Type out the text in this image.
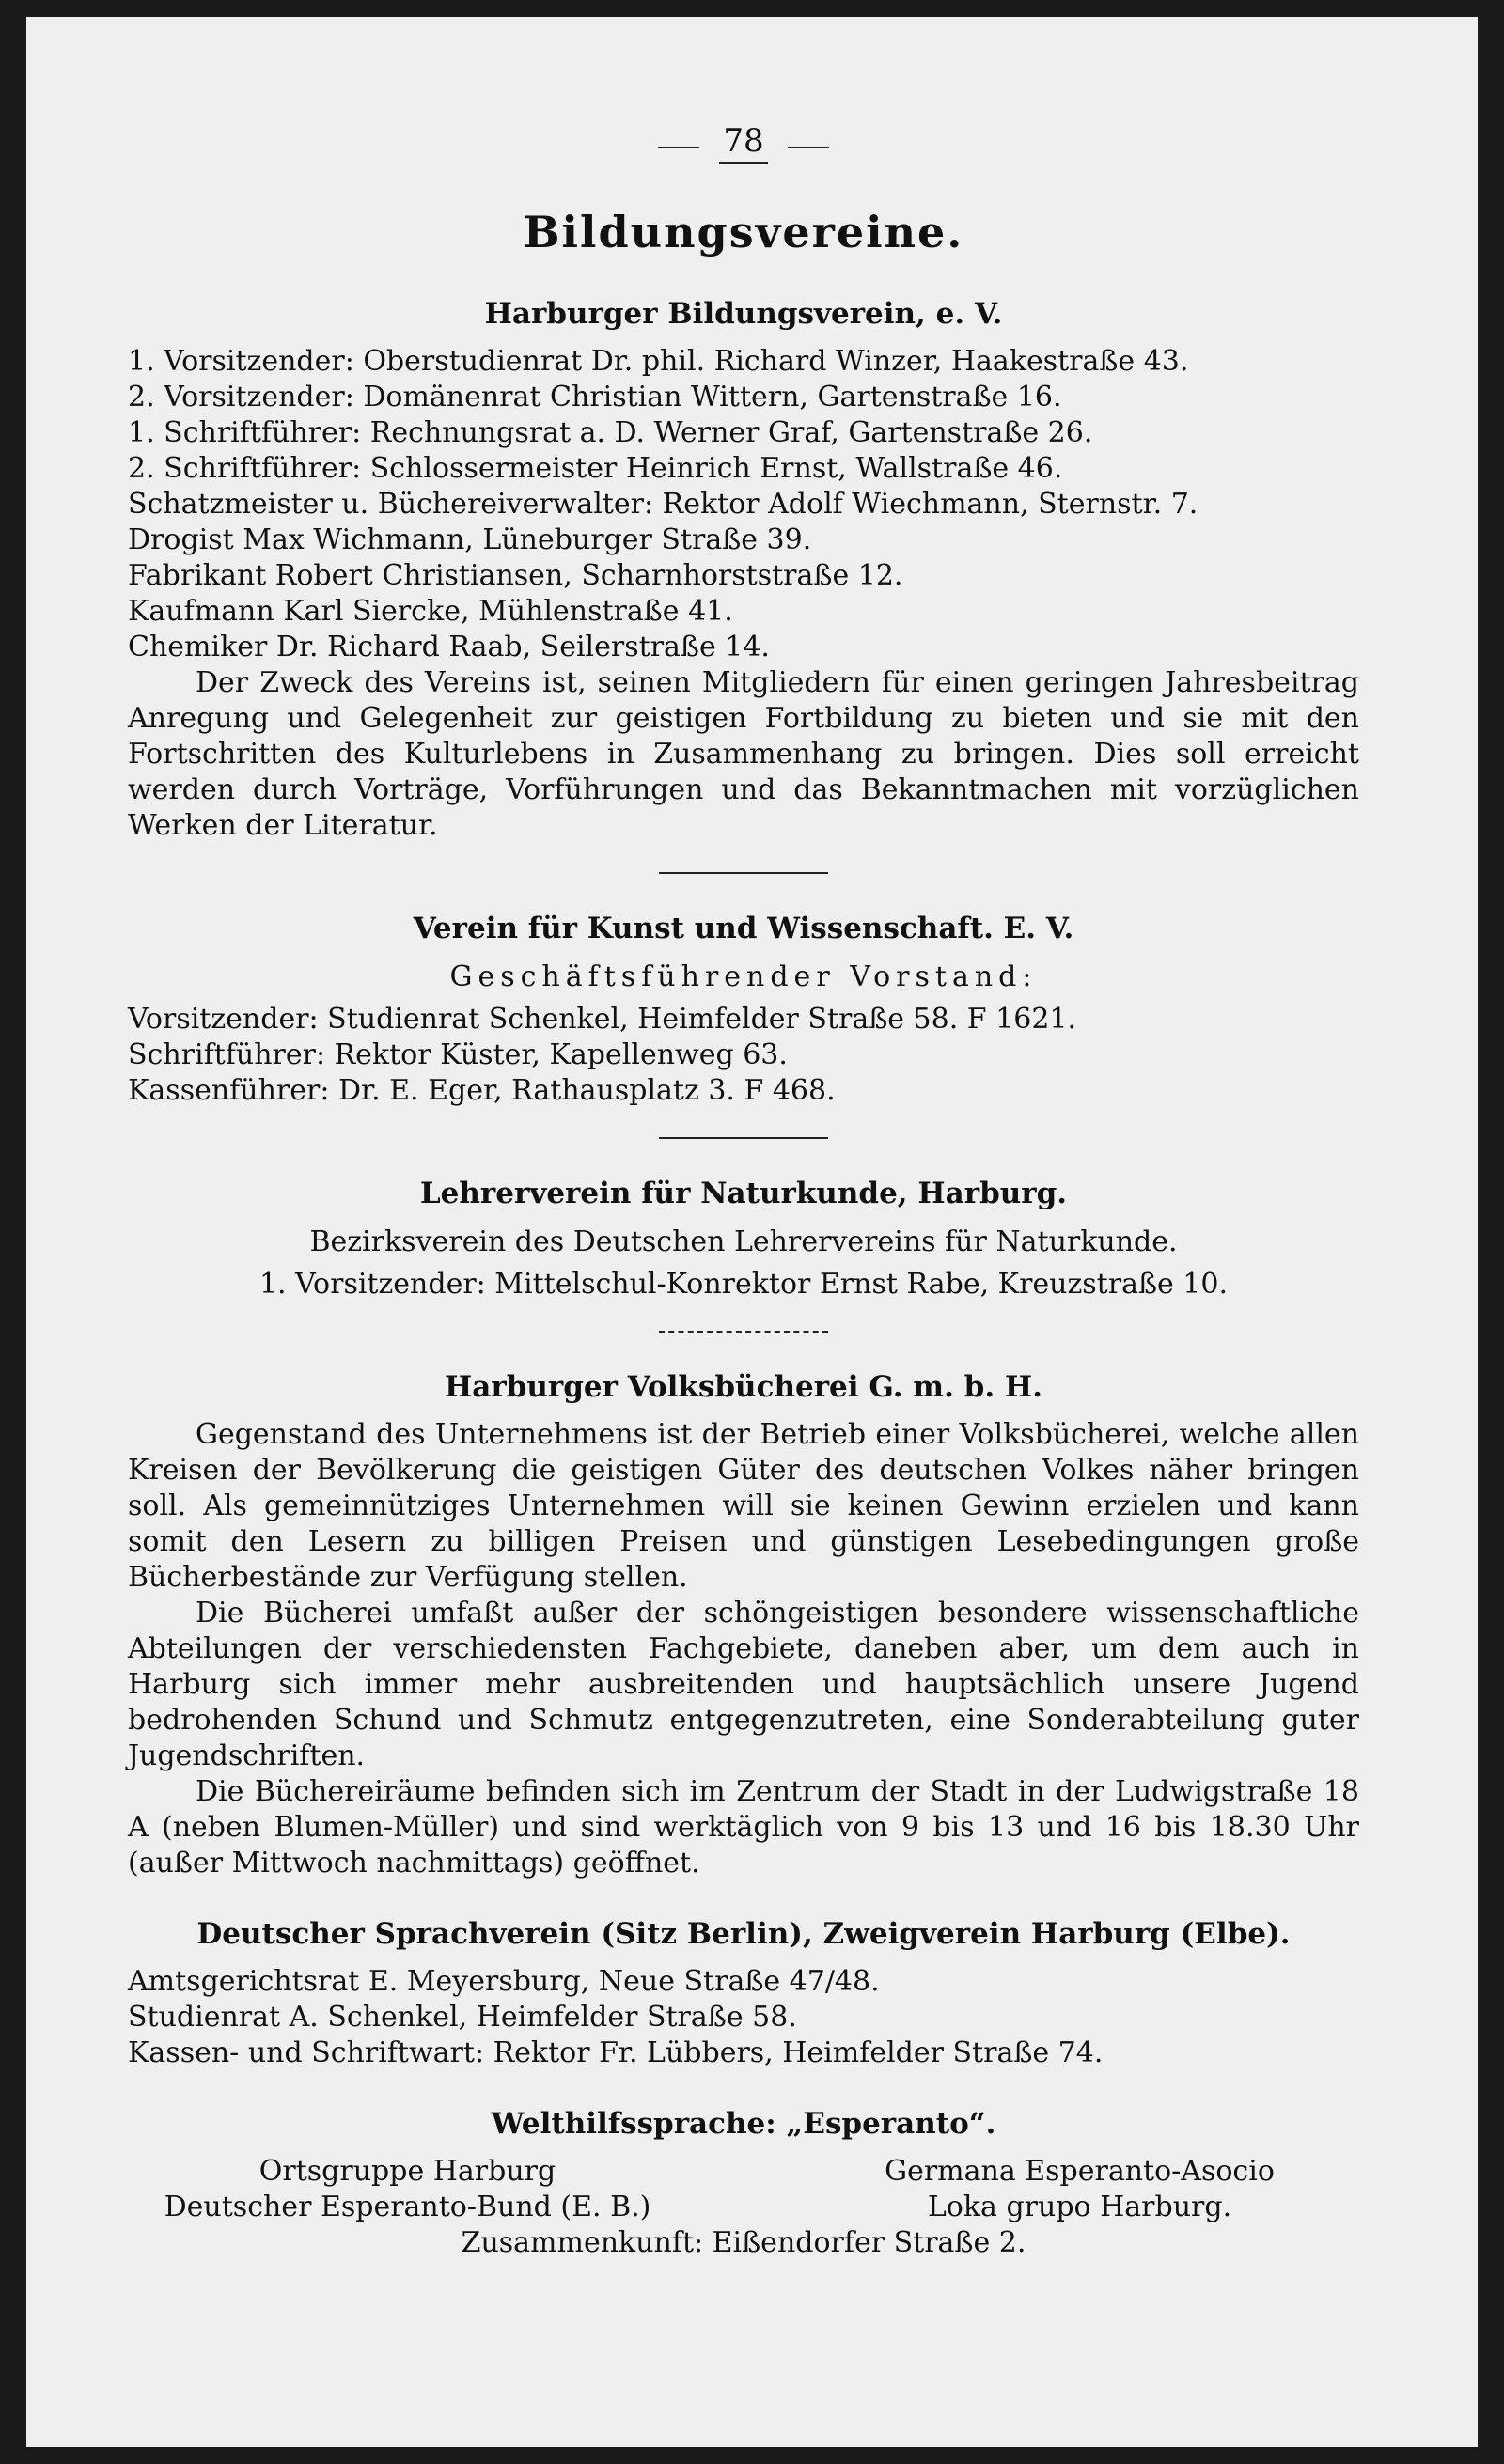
78
Bildungsvereine.
Harburger Bildungsverein, e. V.
1. Vorsitzender: Oberstudienrat Dr. phil. Richard Winzer, Haakestraße 43.
2. Vorsitzender: Domänenrat Christian Wittern, Gartenstraße 16.
1. Schriftführer: Rechnungsrat a. D. Werner Graf, Gartenstraße 26.
2. Schriftführer: Schlossermeister Heinrich Ernst, Wallstraße 46.
Schatzmeister u. Büchereiverwalter: Rektor Adolf Wiechmann, Sternstr. 7.
Drogist Max Wichmann, Lüneburger Straße 39.
Fabrikant Robert Christiansen, Scharnhorststraße 12.
Kaufmann Karl Siercke, Mühlenstraße 41.
Chemiker Dr. Richard Raab, Seilerstraße 14.

Der Zweck des Vereins ist, seinen Mitgliedern für einen geringen Jahresbeitrag Anregung und Gelegenheit zur geistigen Fortbildung zu bieten und sie mit den Fortschritten des Kulturlebens in Zusammenhang zu bringen. Dies soll erreicht werden durch Vorträge, Vorführungen und das Bekanntmachen mit vorzüglichen Werken der Literatur.

Verein für Kunst und Wissenschaft. E. V.
Geschäftsführender Vorstand:
Vorsitzender: Studienrat Schenkel, Heimfelder Straße 58. F 1621.
Schriftführer: Rektor Küster, Kapellenweg 63.
Kassenführer: Dr. E. Eger, Rathausplatz 3. F 468.
Lehrerverein für Naturkunde, Harburg.
Bezirksverein des Deutschen Lehrervereins für Naturkunde.
1. Vorsitzender: Mittelschul-Konrektor Ernst Rabe, Kreuzstraße 10.
Harburger Volksbücherei G. m. b. H.

Gegenstand des Unternehmens ist der Betrieb einer Volksbücherei, welche allen Kreisen der Bevölkerung die geistigen Güter des deutschen Volkes näher bringen soll. Als gemeinnütziges Unternehmen will sie keinen Gewinn erzielen und kann somit den Lesern zu billigen Preisen und günstigen Lesebedingungen große Bücherbestände zur Verfügung stellen.

Die Bücherei umfaßt außer der schöngeistigen besondere wissenschaftliche Abteilungen der verschiedensten Fachgebiete, daneben aber, um dem auch in Harburg sich immer mehr ausbreitenden und hauptsächlich unsere Jugend bedrohenden Schund und Schmutz entgegenzutreten, eine Sonderabteilung guter Jugendschriften.

Die Büchereiräume befinden sich im Zentrum der Stadt in der Ludwigstraße 18 A (neben Blumen-Müller) und sind werktäglich von 9 bis 13 und 16 bis 18.30 Uhr (außer Mittwoch nachmittags) geöffnet.

Deutscher Sprachverein (Sitz Berlin), Zweigverein Harburg (Elbe).
Amtsgerichtsrat E. Meyersburg, Neue Straße 47/48.
Studienrat A. Schenkel, Heimfelder Straße 58.
Kassen- und Schriftwart: Rektor Fr. Lübbers, Heimfelder Straße 74.
Welthilfssprache: „Esperanto“.
Ortsgruppe Harburg
Deutscher Esperanto-Bund (E. B.)
Germana Esperanto-Asocio
Loka grupo Harburg.
Zusammenkunft: Eißendorfer Straße 2.
